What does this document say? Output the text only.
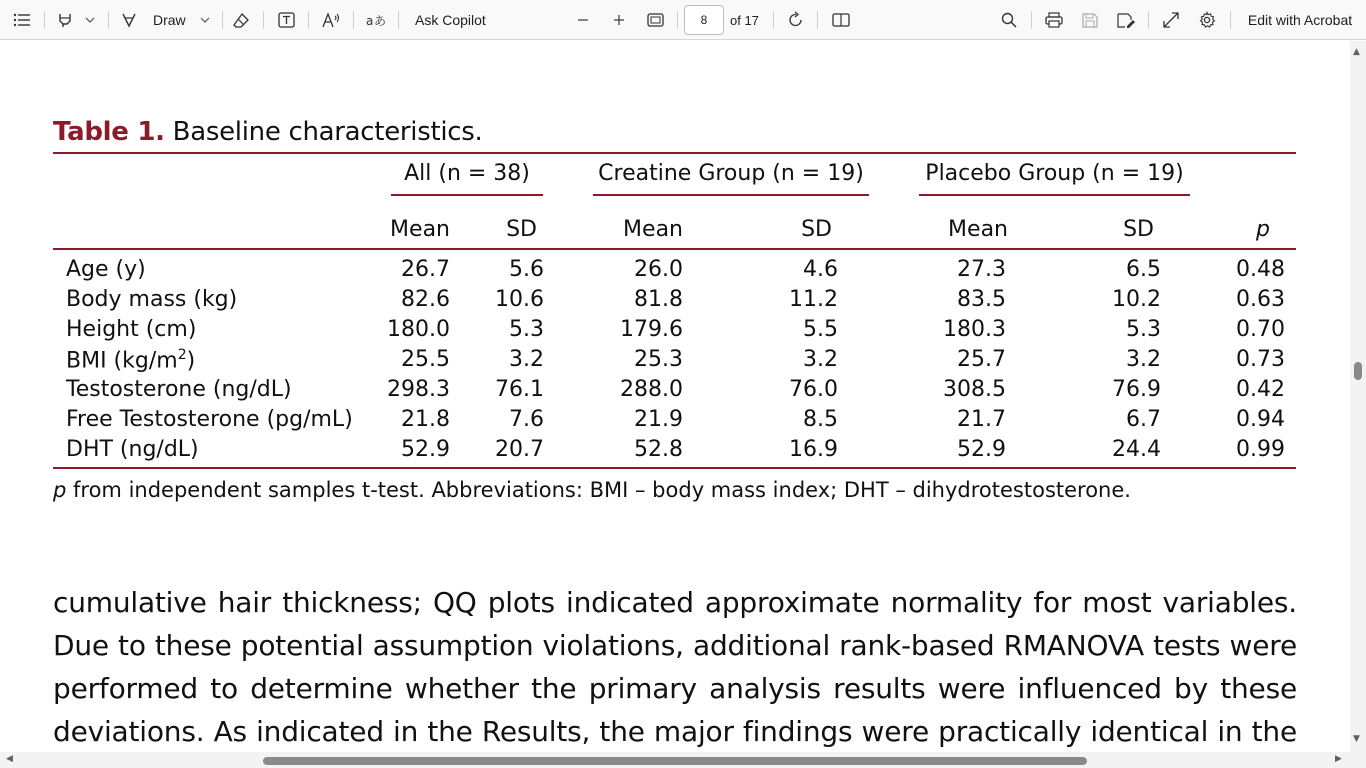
Draw	a あ Ask Copilot	8	of 17	Edit with Acrobat
Table 1. Baseline characteristics.
All (n = 38)	Creatine Group (n = 19)	Placebo Group (n = 19)
Mean	SD	Mean	SD	Mean	SD	p
Age (y)	26.7	5.6	26.0	4.6	27.3	6.5	0.48
Body mass (kg)	82.6	10.6	81.8	11.2	83.5	10.2	0.63
Height (cm)	180.0	5.3	179.6	5.5	180.3	5.3	0.70
BMI $(kg/m^2)$	25.5	3.2	25.3	3.2	25.7	3.2	0.73
Testosterone (ng/dL)	298.3	76.1	288.0	76.0	308.5	76.9	0.42
Free Testosterone (pg/mL)	21.8	7.6	21.9	8.5	21.7	6.7	0.94
DHT (ng/dL)	52.9	20.7	52.8	16.9	52.9	24.4	0.99
p from independent samples t-test. Abbreviations: BMI – body mass index; DHT – dihydrotestosterone.
cumulative hair thickness; QQ plots indicated approximate normality for most variables.
Due to these potential assumption violations, additional rank-based RMANOVA tests were
performed to determine whether the primary analysis results were influenced by these
deviations. As indicated in the Results, the major findings were practically identical in the
▲
▼
◀	▶
